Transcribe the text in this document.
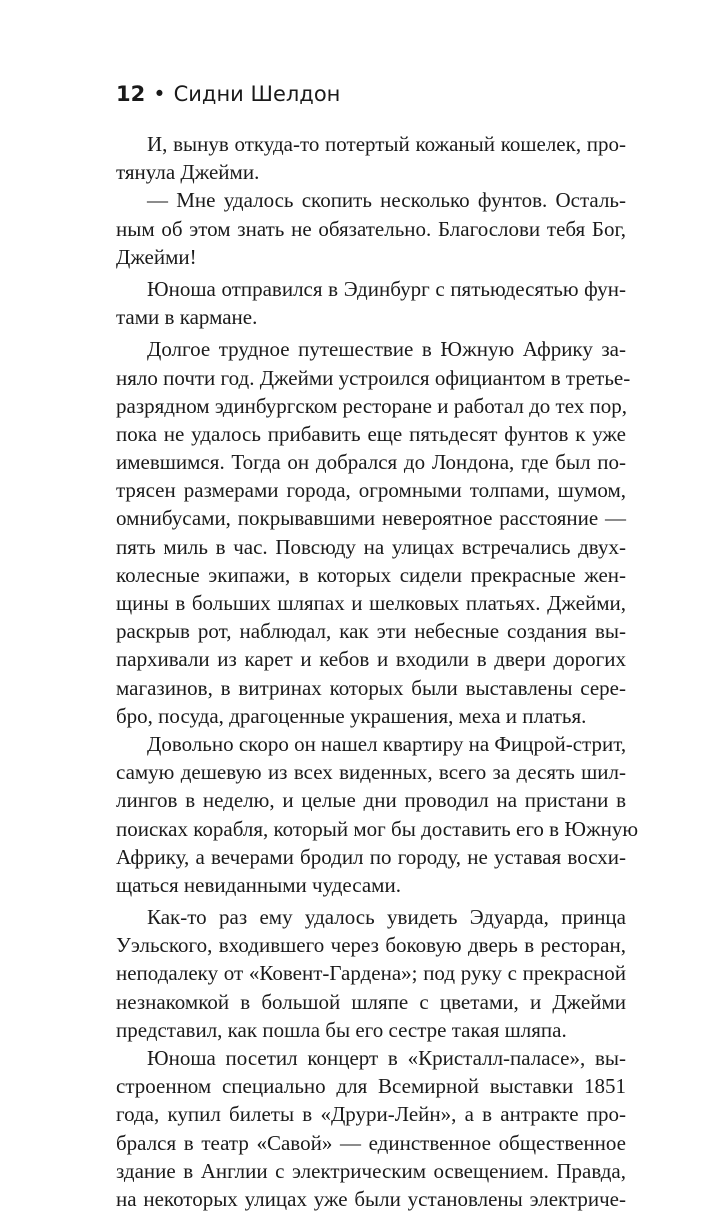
12 • Сидни Шелдон
И, вынув откуда-то потертый кожаный кошелек, про-
тянула Джейми.
— Мне удалось скопить несколько фунтов. Осталь-
ным об этом знать не обязательно. Благослови тебя Бог,
Джейми!
Юноша отправился в Эдинбург с пятьюдесятью фун-
тами в кармане.
Долгое трудное путешествие в Южную Африку за-
няло почти год. Джейми устроился официантом в третье-
разрядном эдинбургском ресторане и работал до тех пор,
пока не удалось прибавить еще пятьдесят фунтов к уже
имевшимся. Тогда он добрался до Лондона, где был по-
трясен размерами города, огромными толпами, шумом,
омнибусами, покрывавшими невероятное расстояние —
пять миль в час. Повсюду на улицах встречались двух-
колесные экипажи, в которых сидели прекрасные жен-
щины в больших шляпах и шелковых платьях. Джейми,
раскрыв рот, наблюдал, как эти небесные создания вы-
пархивали из карет и кебов и входили в двери дорогих
магазинов, в витринах которых были выставлены сере-
бро, посуда, драгоценные украшения, меха и платья.
Довольно скоро он нашел квартиру на Фицрой-стрит,
самую дешевую из всех виденных, всего за десять шил-
лингов в неделю, и целые дни проводил на пристани в
поисках корабля, который мог бы доставить его в Южную
Африку, а вечерами бродил по городу, не уставая восхи-
щаться невиданными чудесами.
Как-то раз ему удалось увидеть Эдуарда, принца
Уэльского, входившего через боковую дверь в ресторан,
неподалеку от «Ковент-Гардена»; под руку с прекрасной
незнакомкой в большой шляпе с цветами, и Джейми
представил, как пошла бы его сестре такая шляпа.
Юноша посетил концерт в «Кристалл-паласе», вы-
строенном специально для Всемирной выставки 1851
года, купил билеты в «Друри-Лейн», а в антракте про-
брался в театр «Савой» — единственное общественное
здание в Англии с электрическим освещением. Правда,
на некоторых улицах уже были установлены электриче-
